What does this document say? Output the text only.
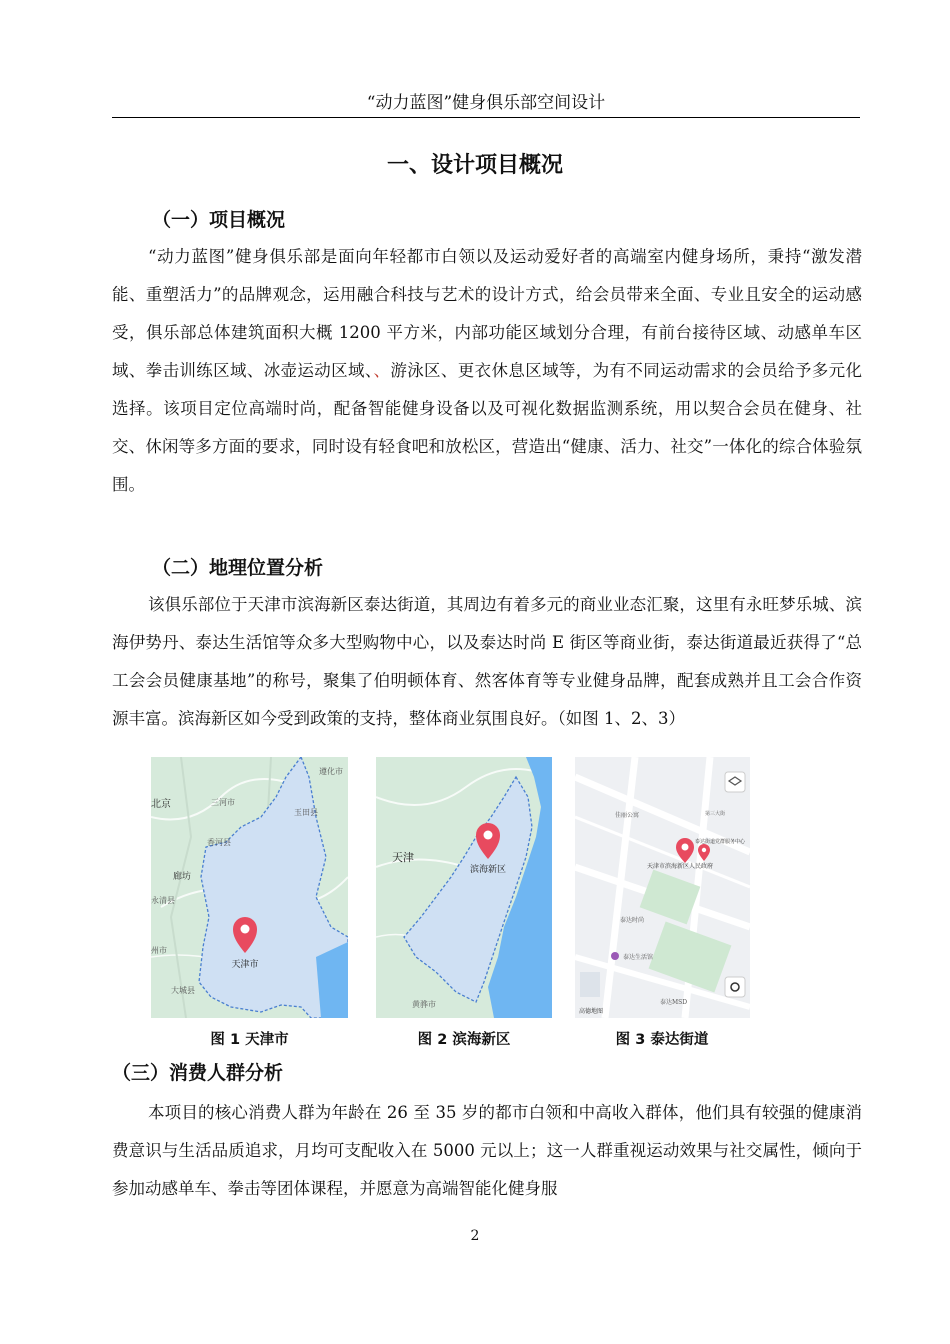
“动力蓝图”健身俱乐部空间设计
一、设计项目概况
（一）项目概况
“动力蓝图”健身俱乐部是面向年轻都市白领以及运动爱好者的高端室内健身场所，秉持“激发潜能、重塑活力”的品牌观念，运用融合科技与艺术的设计方式，给会员带来全面、专业且安全的运动感受，俱乐部总体建筑面积大概 1200 平方米，内部功能区域划分合理，有前台接待区域、动感单车区域、拳击训练区域、冰壶运动区域、、游泳区、更衣休息区域等，为有不同运动需求的会员给予多元化选择。该项目定位高端时尚，配备智能健身设备以及可视化数据监测系统，用以契合会员在健身、社交、休闲等多方面的要求，同时设有轻食吧和放松区，营造出“健康、活力、社交”一体化的综合体验氛围。
（二）地理位置分析
该俱乐部位于天津市滨海新区泰达街道，其周边有着多元的商业业态汇聚，这里有永旺梦乐城、滨海伊势丹、泰达生活馆等众多大型购物中心，以及泰达时尚 E 街区等商业街，泰达街道最近获得了“总工会会员健康基地”的称号，聚集了伯明顿体育、然客体育等专业健身品牌，配套成熟并且工会合作资源丰富。滨海新区如今受到政策的支持，整体商业氛围良好。（如图 1、2、3）
天津市
遵化市
北京	三河市
玉田县
香河县
廊坊
永清县
州市
大城县
滨海新区
天津
黄骅市
天津市滨海新区人民政府
泰达街道党群服务中心
泰达生活馆
泰达MSD
高德地图
佳丽公寓
泰达时尚
第三大街
图 1 天津市	图 2 滨海新区	图 3 泰达街道
（三）消费人群分析
本项目的核心消费人群为年龄在 26 至 35 岁的都市白领和中高收入群体，他们具有较强的健康消费意识与生活品质追求，月均可支配收入在 5000 元以上；这一人群重视运动效果与社交属性，倾向于参加动感单车、拳击等团体课程，并愿意为高端智能化健身服
2
